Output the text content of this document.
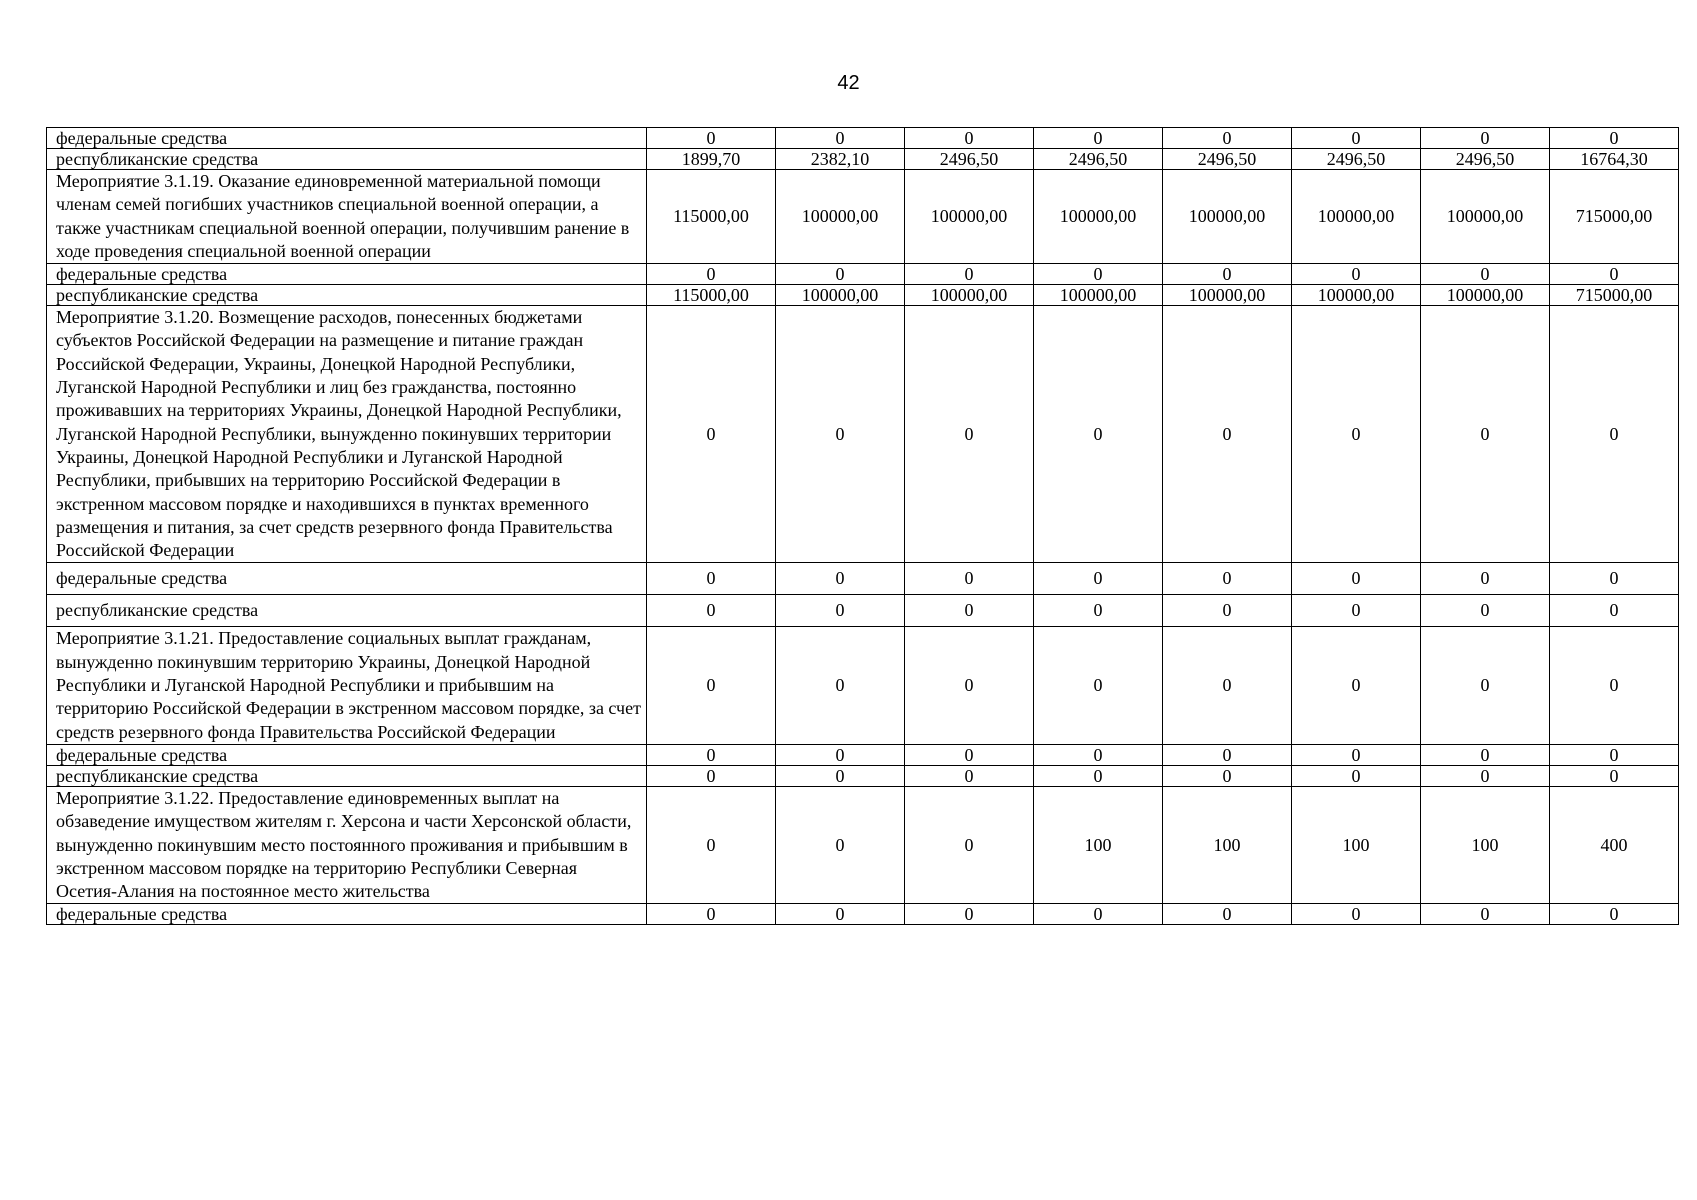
42
федеральные средства	0	0	0	0	0	0	0	0
республиканские средства	1899,70	2382,10	2496,50	2496,50	2496,50	2496,50	2496,50	16764,30
Мероприятие 3.1.19. Оказание единовременной материальной помощи членам семей погибших участников специальной военной операции, а также участникам специальной военной операции, получившим ранение в ходе проведения специальной военной операции	115000,00	100000,00	100000,00	100000,00	100000,00	100000,00	100000,00	715000,00
федеральные средства	0	0	0	0	0	0	0	0
республиканские средства	115000,00	100000,00	100000,00	100000,00	100000,00	100000,00	100000,00	715000,00
Мероприятие 3.1.20. Возмещение расходов, понесенных бюджетами субъектов Российской Федерации на размещение и питание граждан Российской Федерации, Украины, Донецкой Народной Республики, Луганской Народной Республики и лиц без гражданства, постоянно проживавших на территориях Украины, Донецкой Народной Республики, Луганской Народной Республики, вынужденно покинувших территории Украины, Донецкой Народной Республики и Луганской Народной Республики, прибывших на территорию Российской Федерации в экстренном массовом порядке и находившихся в пунктах временного размещения и питания, за счет средств резервного фонда Правительства Российской Федерации	0	0	0	0	0	0	0	0
федеральные средства	0	0	0	0	0	0	0	0
республиканские средства	0	0	0	0	0	0	0	0
Мероприятие 3.1.21. Предоставление социальных выплат гражданам, вынужденно покинувшим территорию Украины, Донецкой Народной Республики и Луганской Народной Республики и прибывшим на территорию Российской Федерации в экстренном массовом порядке, за счет средств резервного фонда Правительства Российской Федерации	0	0	0	0	0	0	0	0
федеральные средства	0	0	0	0	0	0	0	0
республиканские средства	0	0	0	0	0	0	0	0
Мероприятие 3.1.22. Предоставление единовременных выплат на обзаведение имуществом жителям г. Херсона и части Херсонской области, вынужденно покинувшим место постоянного проживания и прибывшим в экстренном массовом порядке на территорию Республики Северная Осетия-Алания на постоянное место жительства	0	0	0	100	100	100	100	400
федеральные средства	0	0	0	0	0	0	0	0
